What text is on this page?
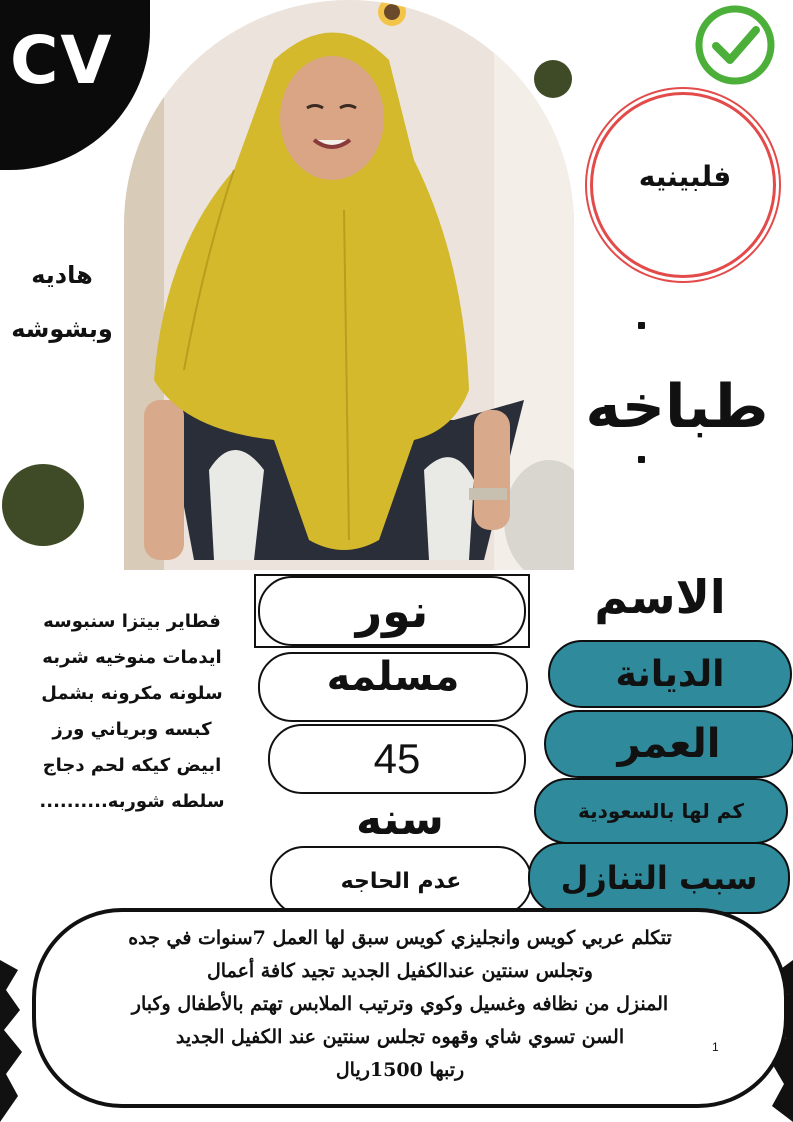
CV
فلبينيه
طباخه
هاديه
وبشوشه
نور
مسلمه
45
سنه
عدم الحاجه
الاسم
الديانة
العمر
كم لها بالسعودية
سبب التنازل
فطاير بيتزا سنبوسه
ايدمات منوخيه شربه
سلونه مكرونه بشمل
كبسه وبرياني ورز
ابيض كيكه لحم دجاج
سلطه شوربه..........
تتكلم عربي كويس وانجليزي كويس سبق لها العمل 7سنوات في جده
وتجلس سنتين عندالكفيل الجديد تجيد كافة أعمال
المنزل من نظافه وغسيل وكوي وترتيب الملابس تهتم بالأطفال وكبار
السن تسوي شاي وقهوه تجلس سنتين عند الكفيل الجديد
رتبها 1500ريال
1
